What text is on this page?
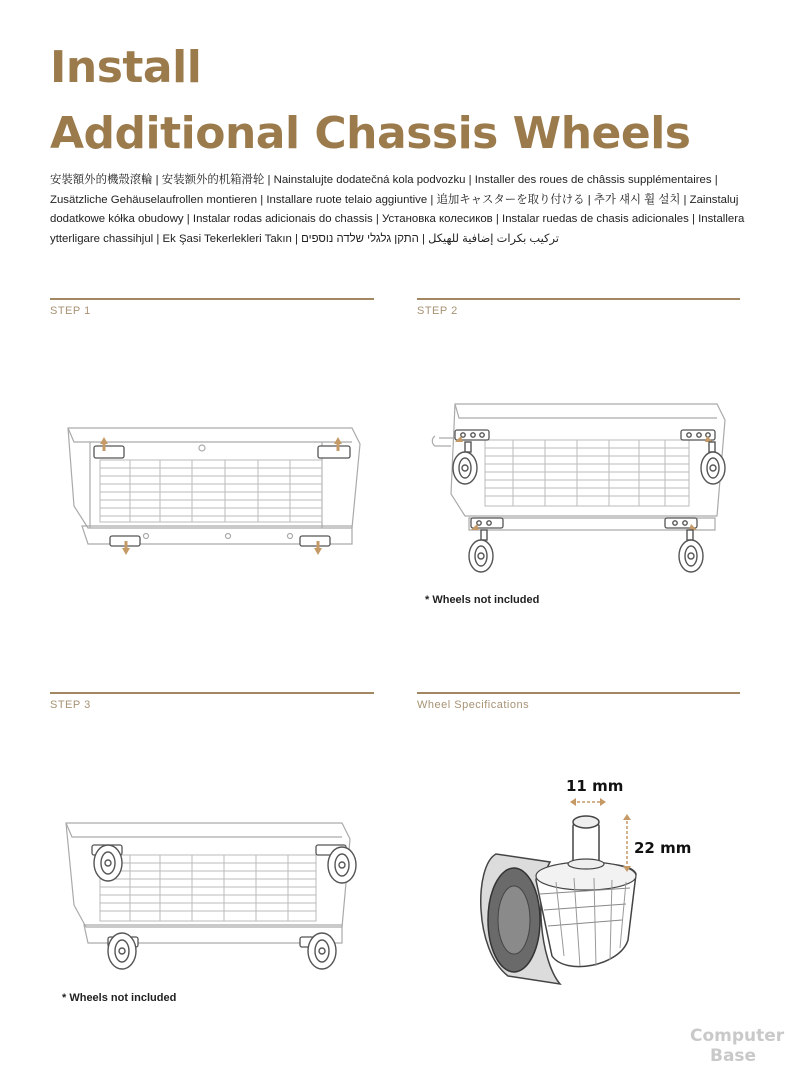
Install
Additional Chassis Wheels
安裝額外的機殼滾輪 | 安装额外的机箱滑轮 | Nainstalujte dodatečná kola podvozku | Installer des roues de châssis supplémentaires |
Zusätzliche Gehäuselaufrollen montieren | Installare ruote telaio aggiuntive | 追加キャスターを取り付ける | 추가 섀시 휠 설치 | Zainstaluj
dodatkowe kółka obudowy | Instalar rodas adicionais do chassis | Установка колесиков | Instalar ruedas de chasis adicionales | Installera
ytterligare chassihjul | Ek Şasi Tekerlekleri Takın | تركيب بكرات إضافية للهيكل | התקן גלגלי שלדה נוספים
STEP 1	STEP 2
STEP 3	Wheel Specifications
* Wheels not included
* Wheels not included
11 mm
22 mm
Computer
Base
